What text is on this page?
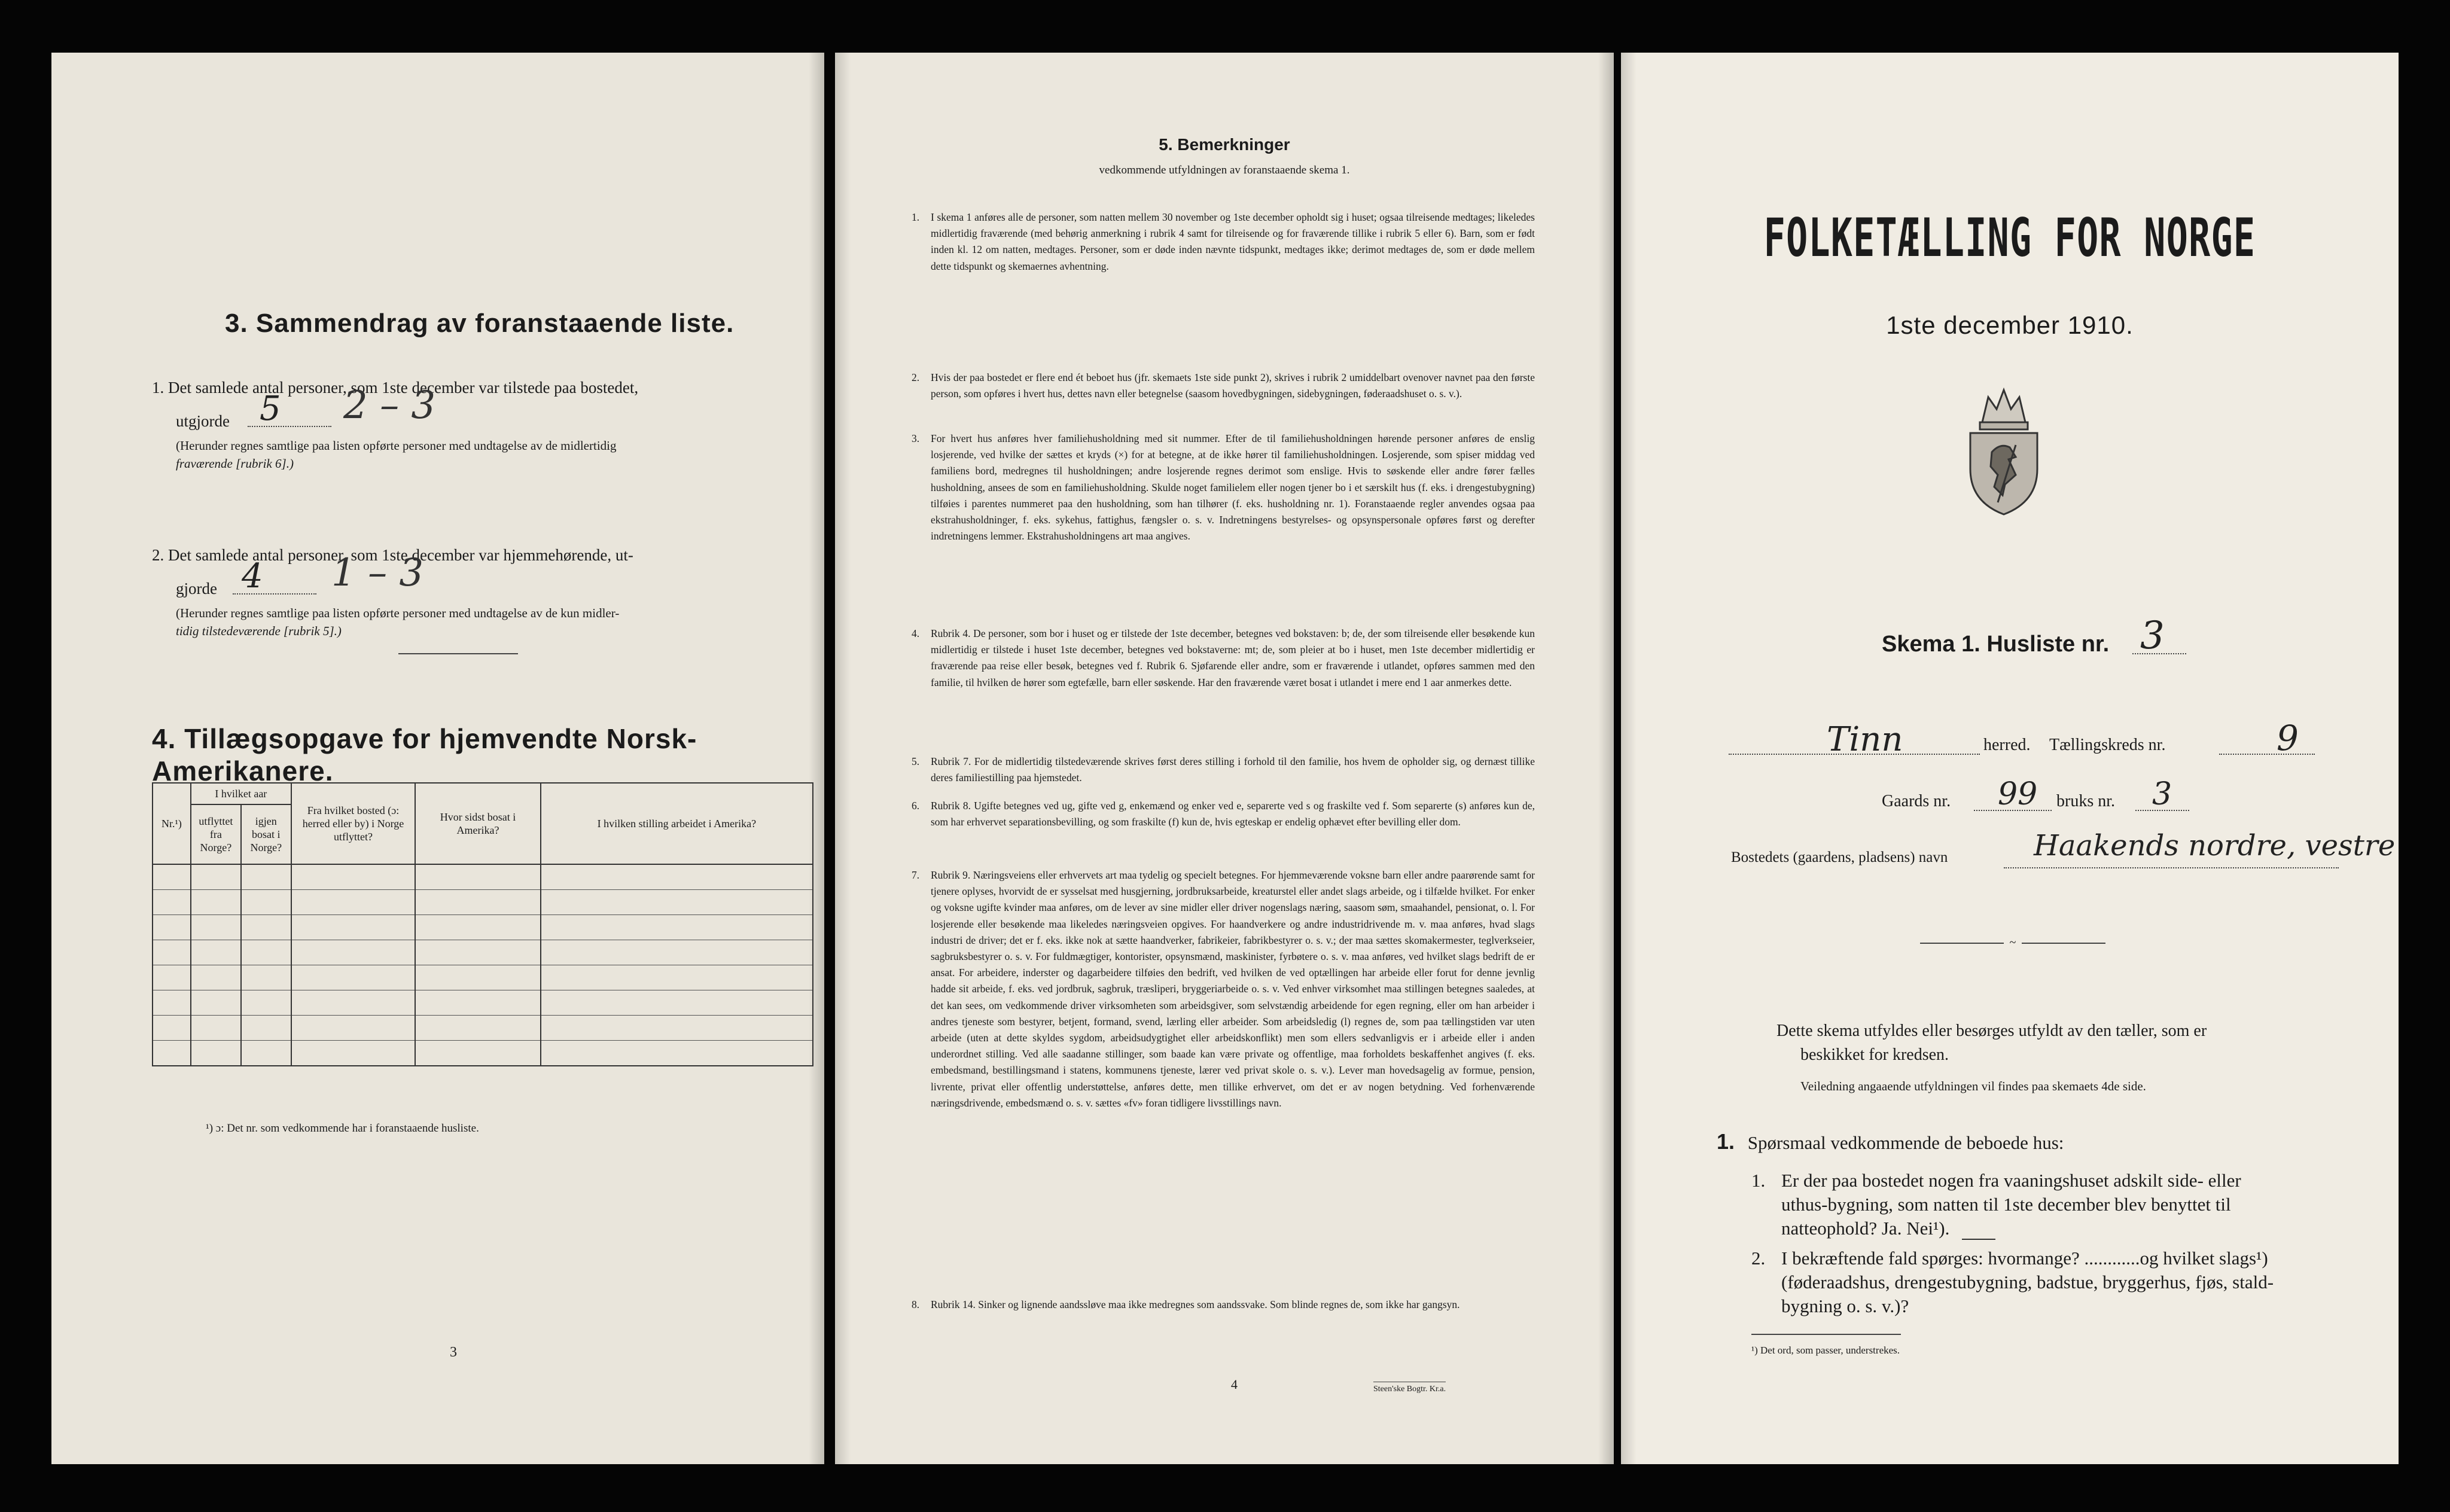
3. Sammendrag av foranstaaende liste.
1. Det samlede antal personer, som 1ste december var tilstede paa bostedet,
utgjorde 5 2 – 3
(Herunder regnes samtlige paa listen opførte personer med undtagelse av de midlertidig
fraværende [rubrik 6].)
2. Det samlede antal personer, som 1ste december var hjemmehørende, ut-
gjorde 4 1 – 3
(Herunder regnes samtlige paa listen opførte personer med undtagelse av de kun midler-
tidig tilstedeværende [rubrik 5].)
4. Tillægsopgave for hjemvendte Norsk-Amerikanere.
Nr.¹)	I hvilket aar		Fra hvilket bosted (ɔ: herred eller by) i Norge utflyttet?	Hvor sidst bosat i Amerika?	I hvilken stilling arbeidet i Amerika?
	utflyttet fra Norge?	igjen bosat i Norge?			

¹) ɔ: Det nr. som vedkommende har i foranstaaende husliste.
3
5. Bemerkninger
vedkommende utfyldningen av foranstaaende skema 1.
1. I skema 1 anføres alle de personer, som natten mellem 30 november og 1ste december opholdt sig i huset; ogsaa tilreisende medtages; likeledes midlertidig fraværende (med behørig anmerkning i rubrik 4 samt for tilreisende og for fraværende tillike i rubrik 5 eller 6). Barn, som er født inden kl. 12 om natten, medtages. Personer, som er døde inden nævnte tidspunkt, medtages ikke; derimot medtages de, som er døde mellem dette tidspunkt og skemaernes avhentning.
2. Hvis der paa bostedet er flere end ét beboet hus (jfr. skemaets 1ste side punkt 2), skrives i rubrik 2 umiddelbart ovenover navnet paa den første person, som opføres i hvert hus, dettes navn eller betegnelse (saasom hovedbygningen, sidebygningen, føderaadshuset o. s. v.).
3. For hvert hus anføres hver familiehusholdning med sit nummer. Efter de til familiehusholdningen hørende personer anføres de enslig losjerende, ved hvilke der sættes et kryds (×) for at betegne, at de ikke hører til familiehusholdningen. Losjerende, som spiser middag ved familiens bord, medregnes til husholdningen; andre losjerende regnes derimot som enslige. Hvis to søskende eller andre fører fælles husholdning, ansees de som en familiehusholdning. Skulde noget familielem eller nogen tjener bo i et særskilt hus (f. eks. i drengestubygning) tilføies i parentes nummeret paa den husholdning, som han tilhører (f. eks. husholdning nr. 1). Foranstaaende regler anvendes ogsaa paa ekstrahusholdninger, f. eks. sykehus, fattighus, fængsler o. s. v. Indretningens bestyrelses- og opsynspersonale opføres først og derefter indretningens lemmer. Ekstrahusholdningens art maa angives.
4. Rubrik 4. De personer, som bor i huset og er tilstede der 1ste december, betegnes ved bokstaven: b; de, der som tilreisende eller besøkende kun midlertidig er tilstede i huset 1ste december, betegnes ved bokstaverne: mt; de, som pleier at bo i huset, men 1ste december midlertidig er fraværende paa reise eller besøk, betegnes ved f. Rubrik 6. Sjøfarende eller andre, som er fraværende i utlandet, opføres sammen med den familie, til hvilken de hører som egtefælle, barn eller søskende. Har den fraværende været bosat i utlandet i mere end 1 aar anmerkes dette.
5. Rubrik 7. For de midlertidig tilstedeværende skrives først deres stilling i forhold til den familie, hos hvem de opholder sig, og dernæst tillike deres familiestilling paa hjemstedet.
6. Rubrik 8. Ugifte betegnes ved ug, gifte ved g, enkemænd og enker ved e, separerte ved s og fraskilte ved f. Som separerte (s) anføres kun de, som har erhvervet separationsbevilling, og som fraskilte (f) kun de, hvis egteskap er endelig ophævet efter bevilling eller dom.
7. Rubrik 9. Næringsveiens eller erhvervets art maa tydelig og specielt betegnes. For hjemmeværende voksne barn eller andre paarørende samt for tjenere oplyses, hvorvidt de er sysselsat med husgjerning, jordbruksarbeide, kreaturstel eller andet slags arbeide, og i tilfælde hvilket. For enker og voksne ugifte kvinder maa anføres, om de lever av sine midler eller driver nogenslags næring, saasom søm, smaahandel, pensionat, o. l. For losjerende eller besøkende maa likeledes næringsveien opgives. For haandverkere og andre industridrivende m. v. maa anføres, hvad slags industri de driver; det er f. eks. ikke nok at sætte haandverker, fabrikeier, fabrikbestyrer o. s. v.; der maa sættes skomakermester, teglverkseier, sagbruksbestyrer o. s. v. For fuldmægtiger, kontorister, opsynsmænd, maskinister, fyrbøtere o. s. v. maa anføres, ved hvilket slags bedrift de er ansat. For arbeidere, inderster og dagarbeidere tilføies den bedrift, ved hvilken de ved optællingen har arbeide eller forut for denne jevnlig hadde sit arbeide, f. eks. ved jordbruk, sagbruk, træsliperi, bryggeriarbeide o. s. v. Ved enhver virksomhet maa stillingen betegnes saaledes, at det kan sees, om vedkommende driver virksomheten som arbeidsgiver, som selvstændig arbeidende for egen regning, eller om han arbeider i andres tjeneste som bestyrer, betjent, formand, svend, lærling eller arbeider. Som arbeidsledig (l) regnes de, som paa tællingstiden var uten arbeide (uten at dette skyldes sygdom, arbeidsudygtighet eller arbeidskonflikt) men som ellers sedvanligvis er i arbeide eller i anden underordnet stilling. Ved alle saadanne stillinger, som baade kan være private og offentlige, maa forholdets beskaffenhet angives (f. eks. embedsmand, bestillingsmand i statens, kommunens tjeneste, lærer ved privat skole o. s. v.). Lever man hovedsagelig av formue, pension, livrente, privat eller offentlig understøttelse, anføres dette, men tillike erhvervet, om det er av nogen betydning. Ved forhenværende næringsdrivende, embedsmænd o. s. v. sættes «fv» foran tidligere livsstillings navn.
8. Rubrik 14. Sinker og lignende aandssløve maa ikke medregnes som aandssvake. Som blinde regnes de, som ikke har gangsyn.
4	Steen'ske Bogtr. Kr.a.
FOLKETÆLLING FOR NORGE
1ste december 1910.
Skema 1. Husliste nr. 3
Tinn	herred. Tællingskreds nr.	9
Gaards nr. 99 bruks nr. 3
Bostedets (gaardens, pladsens) navn	Haakends nordre, vestre
~
Dette skema utfyldes eller besørges utfyldt av den tæller, som er
beskikket for kredsen.
Veiledning angaaende utfyldningen vil findes paa skemaets 4de side.
1. Spørsmaal vedkommende de beboede hus:
1. Er der paa bostedet nogen fra vaaningshuset adskilt side- eller
uthus-bygning, som natten til 1ste december blev benyttet til
natteophold? Ja. Nei¹).
2. I bekræftende fald spørges: hvormange? ............og hvilket slags¹)
(føderaadshus, drengestubygning, badstue, bryggerhus, fjøs, stald-
bygning o. s. v.)?
¹) Det ord, som passer, understrekes.
